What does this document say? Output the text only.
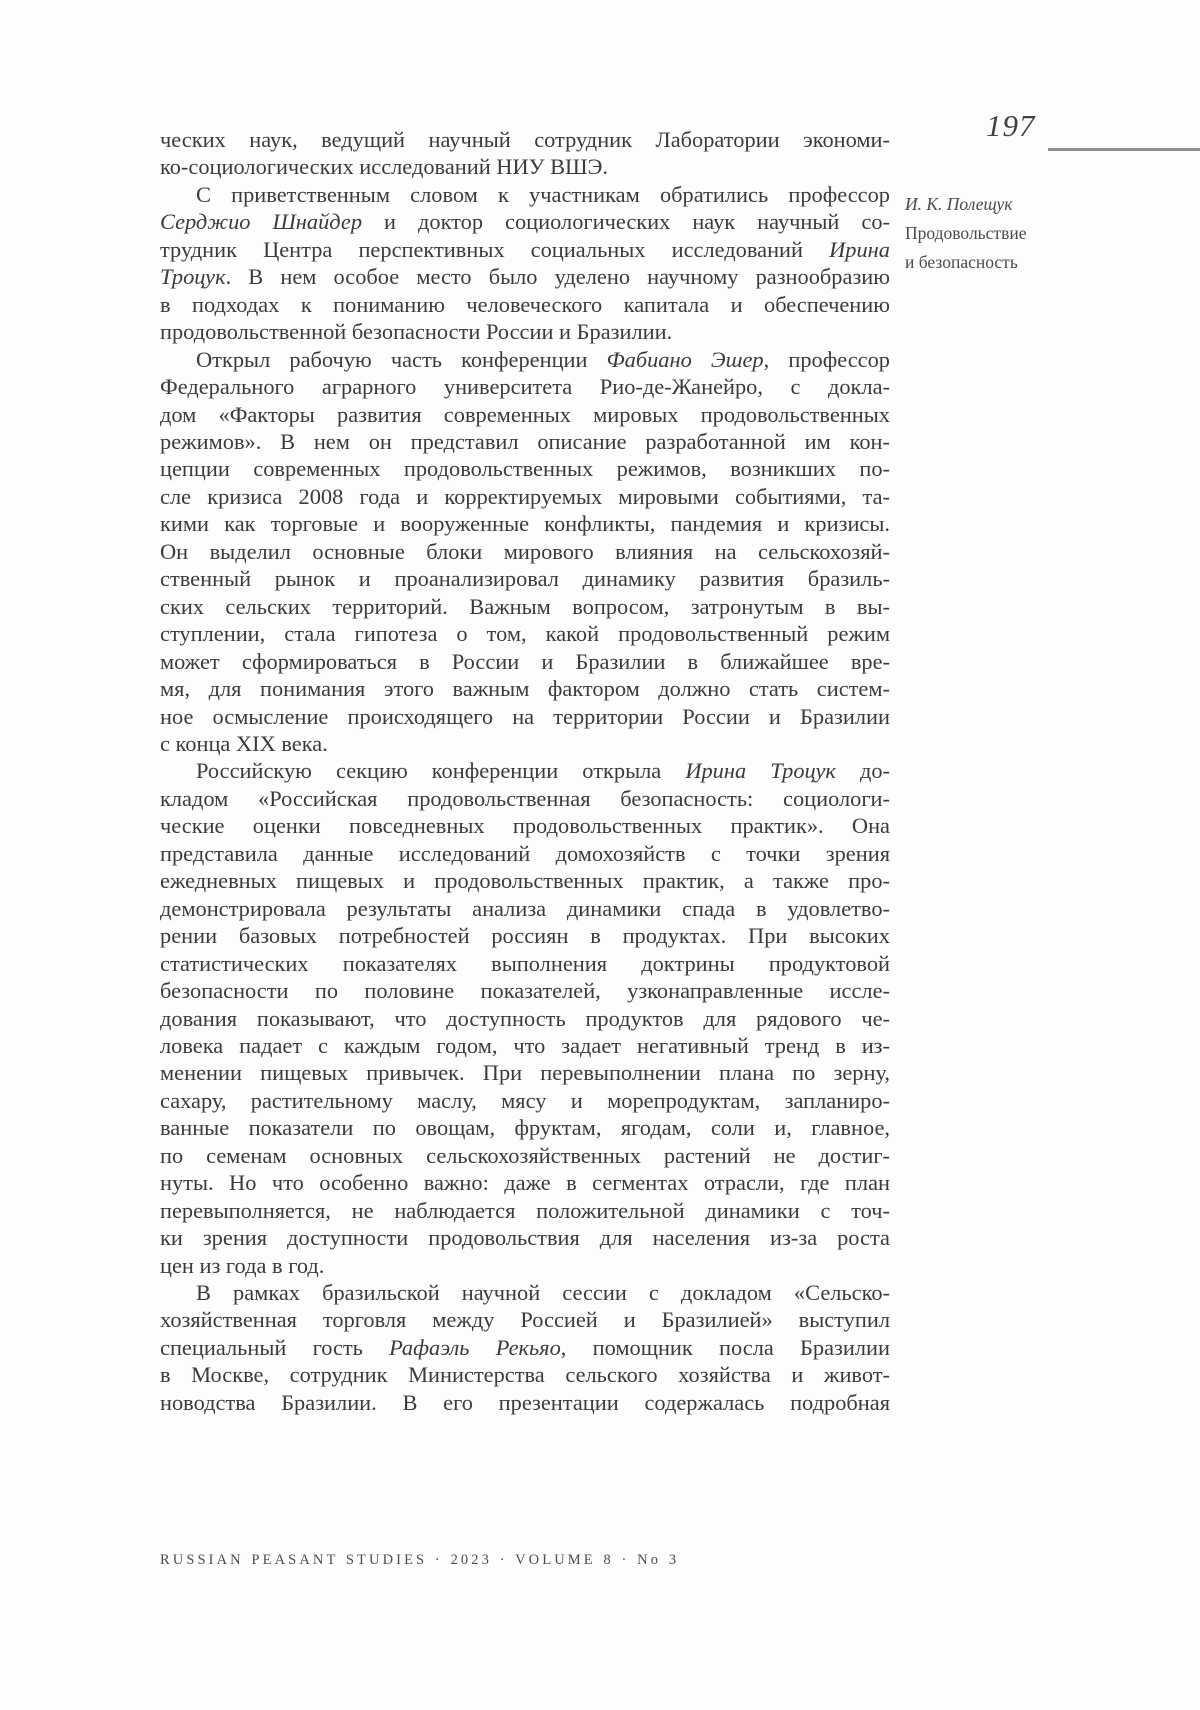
197
И. К. Полещук
Продовольствие
и безопасность
ческих наук, ведущий научный сотрудник Лаборатории экономи-
ко-социологических исследований НИУ ВШЭ.
С приветственным словом к участникам обратились профессор
Серджио Шнайдер и доктор социологических наук научный со-
трудник Центра перспективных социальных исследований Ирина
Троцук. В нем особое место было уделено научному разнообразию
в подходах к пониманию человеческого капитала и обеспечению
продовольственной безопасности России и Бразилии.
Открыл рабочую часть конференции Фабиано Эшер, профессор
Федерального аграрного университета Рио-де-Жанейро, с докла-
дом «Факторы развития современных мировых продовольственных
режимов». В нем он представил описание разработанной им кон-
цепции современных продовольственных режимов, возникших по-
сле кризиса 2008 года и корректируемых мировыми событиями, та-
кими как торговые и вооруженные конфликты, пандемия и кризисы.
Он выделил основные блоки мирового влияния на сельскохозяй-
ственный рынок и проанализировал динамику развития бразиль-
ских сельских территорий. Важным вопросом, затронутым в вы-
ступлении, стала гипотеза о том, какой продовольственный режим
может сформироваться в России и Бразилии в ближайшее вре-
мя, для понимания этого важным фактором должно стать систем-
ное осмысление происходящего на территории России и Бразилии
с конца XIX века.
Российскую секцию конференции открыла Ирина Троцук до-
кладом «Российская продовольственная безопасность: социологи-
ческие оценки повседневных продовольственных практик». Она
представила данные исследований домохозяйств с точки зрения
ежедневных пищевых и продовольственных практик, а также про-
демонстрировала результаты анализа динамики спада в удовлетво-
рении базовых потребностей россиян в продуктах. При высоких
статистических показателях выполнения доктрины продуктовой
безопасности по половине показателей, узконаправленные иссле-
дования показывают, что доступность продуктов для рядового че-
ловека падает с каждым годом, что задает негативный тренд в из-
менении пищевых привычек. При перевыполнении плана по зерну,
сахару, растительному маслу, мясу и морепродуктам, запланиро-
ванные показатели по овощам, фруктам, ягодам, соли и, главное,
по семенам основных сельскохозяйственных растений не достиг-
нуты. Но что особенно важно: даже в сегментах отрасли, где план
перевыполняется, не наблюдается положительной динамики с точ-
ки зрения доступности продовольствия для населения из-за роста
цен из года в год.
В рамках бразильской научной сессии с докладом «Сельско-
хозяйственная торговля между Россией и Бразилией» выступил
специальный гость Рафаэль Рекьяо, помощник посла Бразилии
в Москве, сотрудник Министерства сельского хозяйства и живот-
новодства Бразилии. В его презентации содержалась подробная
RUSSIAN PEASANT STUDIES · 2023 · VOLUME 8 · No 3
